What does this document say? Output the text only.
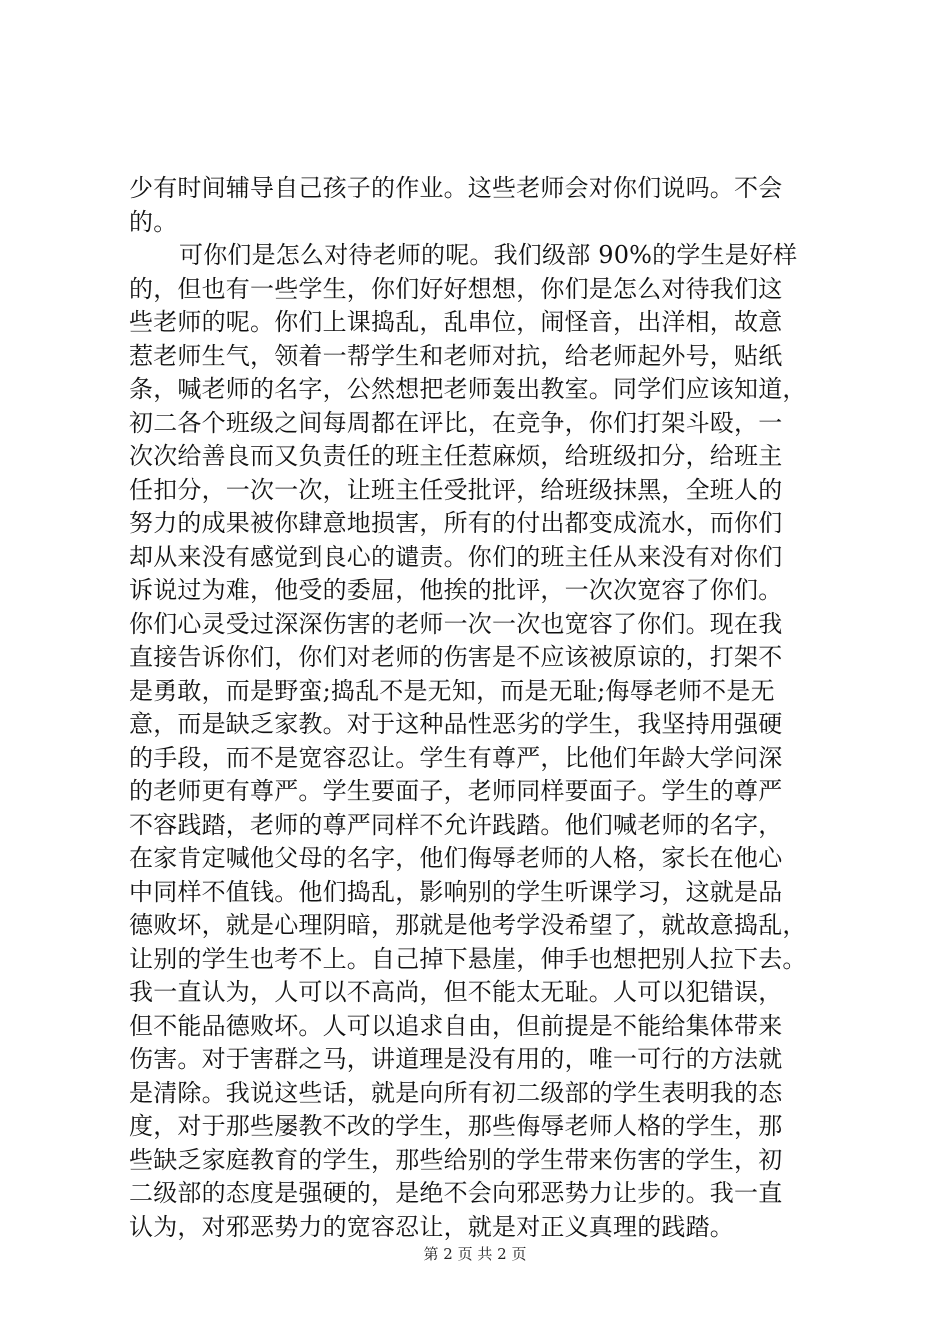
少有时间辅导自己孩子的作业。这些老师会对你们说吗。不会
的。
可你们是怎么对待老师的呢。我们级部 90%的学生是好样
的，但也有一些学生，你们好好想想，你们是怎么对待我们这
些老师的呢。你们上课捣乱，乱串位，闹怪音，出洋相，故意
惹老师生气，领着一帮学生和老师对抗，给老师起外号，贴纸
条，喊老师的名字，公然想把老师轰出教室。同学们应该知道，
初二各个班级之间每周都在评比，在竞争，你们打架斗殴，一
次次给善良而又负责任的班主任惹麻烦，给班级扣分，给班主
任扣分，一次一次，让班主任受批评，给班级抹黑，全班人的
努力的成果被你肆意地损害，所有的付出都变成流水，而你们
却从来没有感觉到良心的谴责。你们的班主任从来没有对你们
诉说过为难，他受的委屈，他挨的批评，一次次宽容了你们。
你们心灵受过深深伤害的老师一次一次也宽容了你们。现在我
直接告诉你们，你们对老师的伤害是不应该被原谅的，打架不
是勇敢，而是野蛮;捣乱不是无知，而是无耻;侮辱老师不是无
意，而是缺乏家教。对于这种品性恶劣的学生，我坚持用强硬
的手段，而不是宽容忍让。学生有尊严，比他们年龄大学问深
的老师更有尊严。学生要面子，老师同样要面子。学生的尊严
不容践踏，老师的尊严同样不允许践踏。他们喊老师的名字，
在家肯定喊他父母的名字，他们侮辱老师的人格，家长在他心
中同样不值钱。他们捣乱，影响别的学生听课学习，这就是品
德败坏，就是心理阴暗，那就是他考学没希望了，就故意捣乱，
让别的学生也考不上。自己掉下悬崖，伸手也想把别人拉下去。
我一直认为，人可以不高尚，但不能太无耻。人可以犯错误，
但不能品德败坏。人可以追求自由，但前提是不能给集体带来
伤害。对于害群之马，讲道理是没有用的，唯一可行的方法就
是清除。我说这些话，就是向所有初二级部的学生表明我的态
度，对于那些屡教不改的学生，那些侮辱老师人格的学生，那
些缺乏家庭教育的学生，那些给别的学生带来伤害的学生，初
二级部的态度是强硬的，是绝不会向邪恶势力让步的。我一直
认为，对邪恶势力的宽容忍让，就是对正义真理的践踏。
第 2 页 共 2 页
